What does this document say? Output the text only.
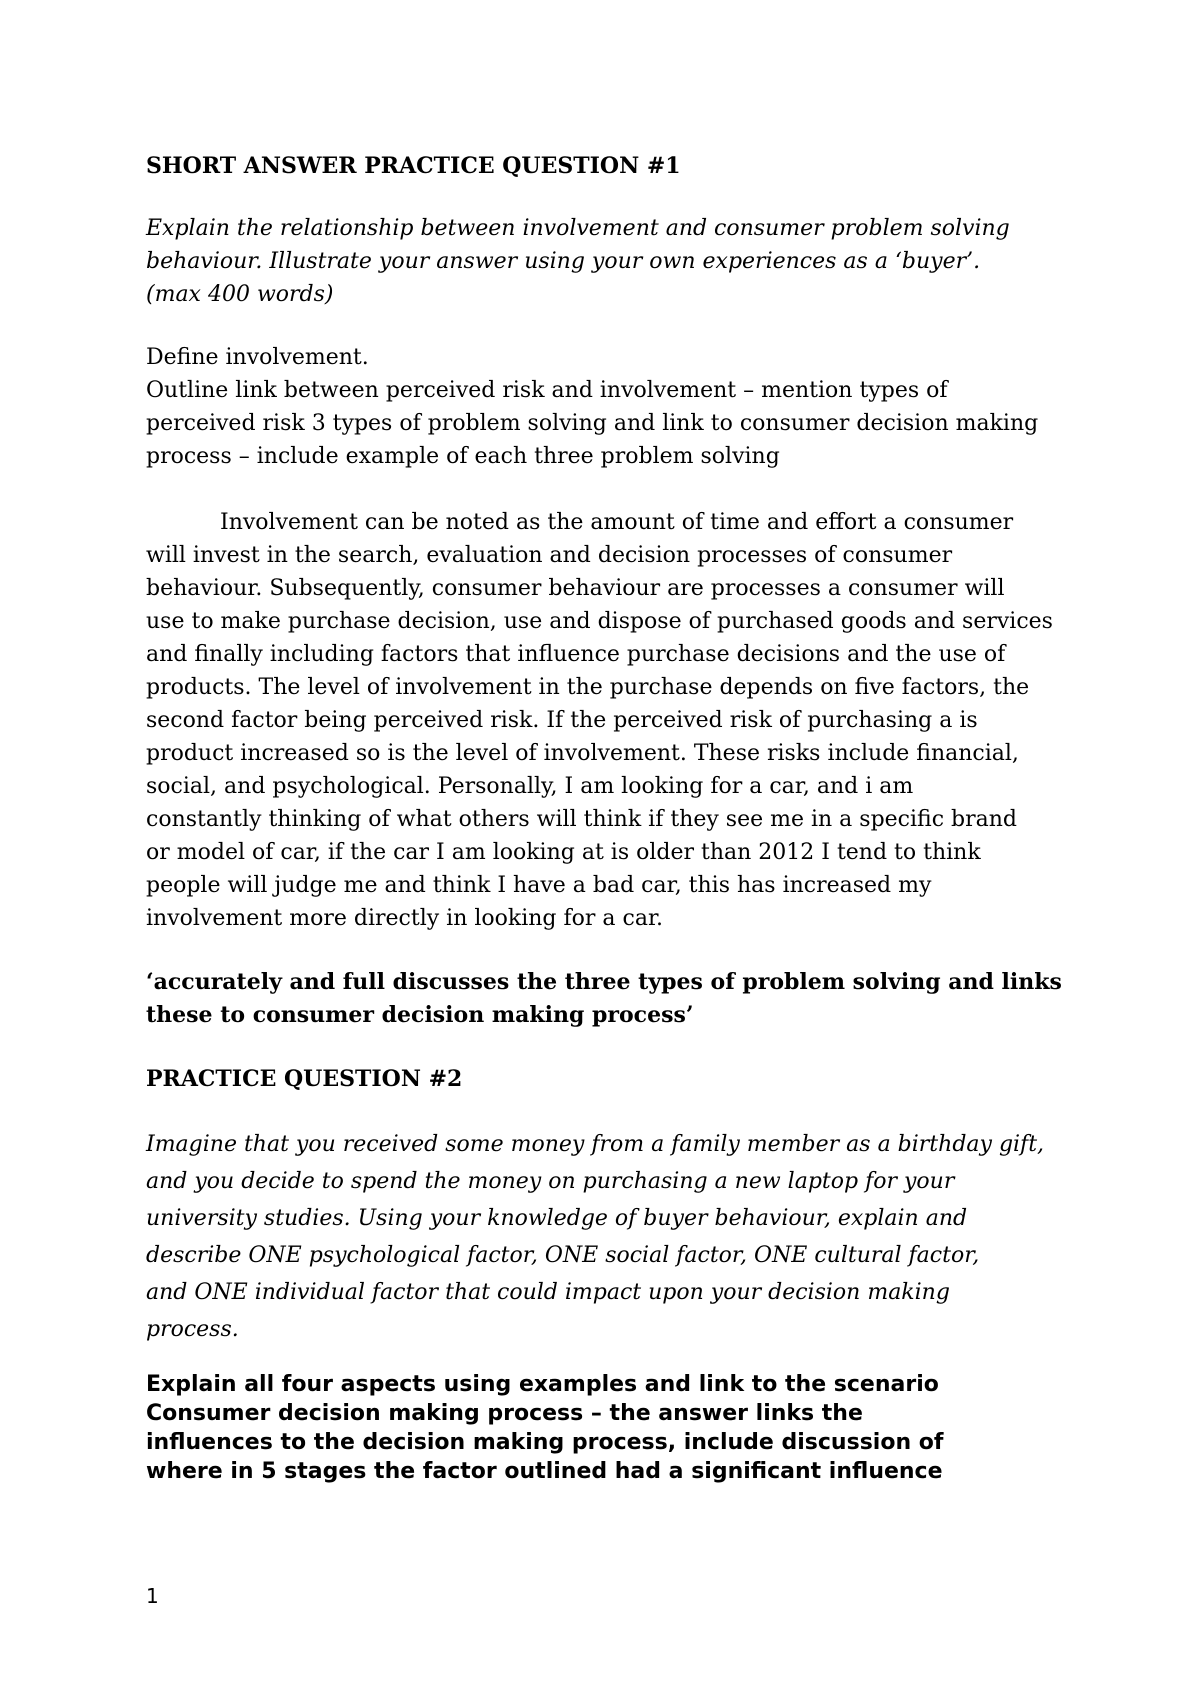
SHORT ANSWER PRACTICE QUESTION #1
Explain the relationship between involvement and consumer problem solving
behaviour. Illustrate your answer using your own experiences as a ‘buyer’.
(max 400 words)
Define involvement.
Outline link between perceived risk and involvement – mention types of
perceived risk 3 types of problem solving and link to consumer decision making
process – include example of each three problem solving
Involvement can be noted as the amount of time and effort a consumer
will invest in the search, evaluation and decision processes of consumer
behaviour. Subsequently, consumer behaviour are processes a consumer will
use to make purchase decision, use and dispose of purchased goods and services
and finally including factors that influence purchase decisions and the use of
products. The level of involvement in the purchase depends on five factors, the
second factor being perceived risk. If the perceived risk of purchasing a is
product increased so is the level of involvement. These risks include financial,
social, and psychological. Personally, I am looking for a car, and i am
constantly thinking of what others will think if they see me in a specific brand
or model of car, if the car I am looking at is older than 2012 I tend to think
people will judge me and think I have a bad car, this has increased my
involvement more directly in looking for a car.
‘accurately and full discusses the three types of problem solving and links
these to consumer decision making process’
PRACTICE QUESTION #2
Imagine that you received some money from a family member as a birthday gift,
and you decide to spend the money on purchasing a new laptop for your
university studies. Using your knowledge of buyer behaviour, explain and
describe ONE psychological factor, ONE social factor, ONE cultural factor,
and ONE individual factor that could impact upon your decision making
process.
Explain all four aspects using examples and link to the scenario
Consumer decision making process – the answer links the
influences to the decision making process, include discussion of
where in 5 stages the factor outlined had a significant influence
1
